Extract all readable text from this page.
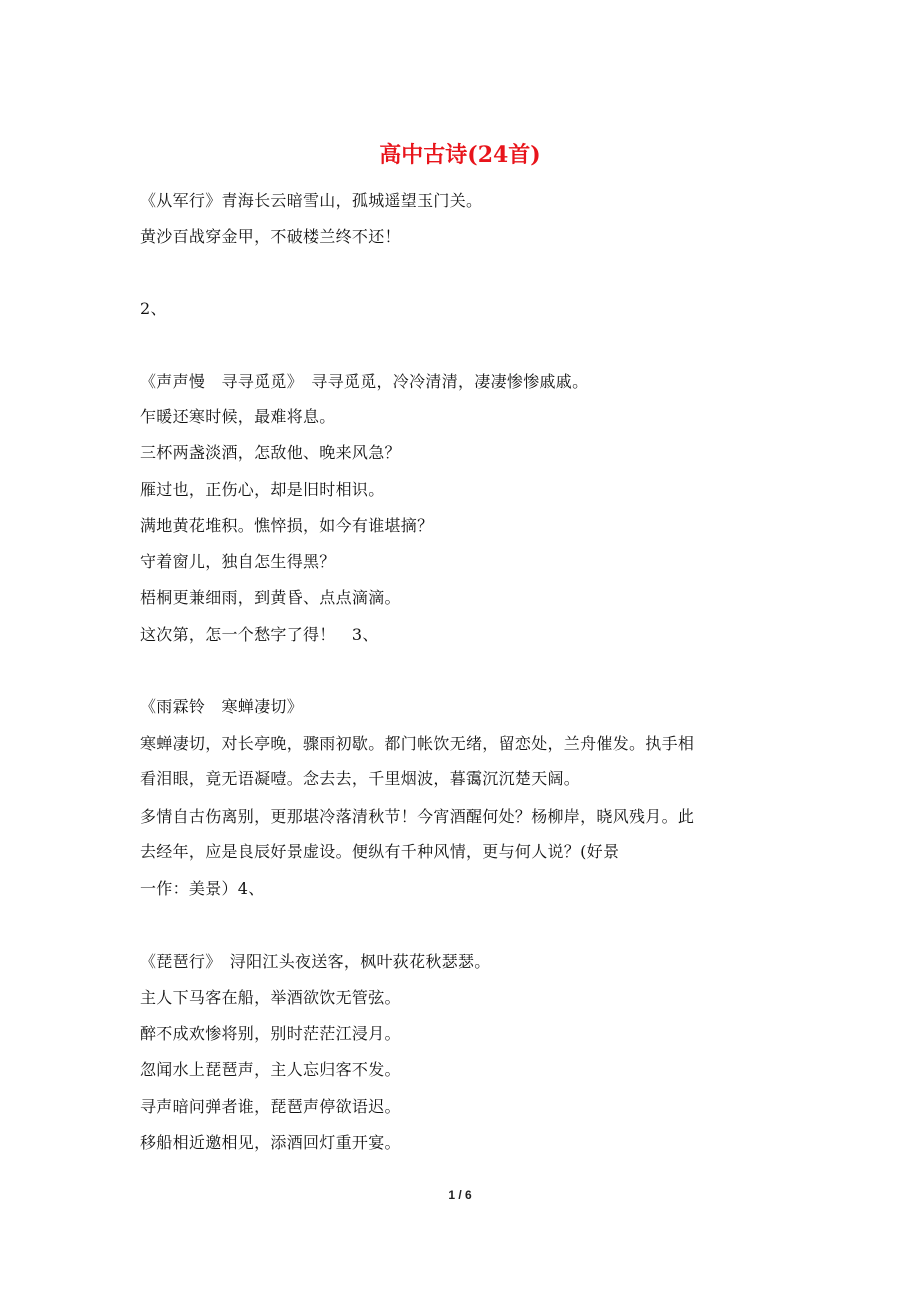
高中古诗(24首)
《从军行》青海长云暗雪山，孤城遥望玉门关。
黄沙百战穿金甲，不破楼兰终不还！
2、
《声声慢　寻寻觅觅》　寻寻觅觅，冷冷清清，凄凄惨惨戚戚。
乍暖还寒时候，最难将息。
三杯两盏淡酒，怎敌他、晚来风急？
雁过也，正伤心，却是旧时相识。
满地黄花堆积。憔悴损，如今有谁堪摘？
守着窗儿，独自怎生得黑？
梧桐更兼细雨，到黄昏、点点滴滴。
这次第，怎一个愁字了得！　3、
《雨霖铃　寒蝉凄切》
寒蝉凄切，对长亭晚，骤雨初歇。都门帐饮无绪，留恋处，兰舟催发。执手相
看泪眼，竟无语凝噎。念去去，千里烟波，暮霭沉沉楚天阔。
多情自古伤离别，更那堪冷落清秋节！今宵酒醒何处？杨柳岸，晓风残月。此
去经年，应是良辰好景虚设。便纵有千种风情，更与何人说？(好景
一作：美景）4、
《琵琶行》　浔阳江头夜送客，枫叶荻花秋瑟瑟。
主人下马客在船，举酒欲饮无管弦。
醉不成欢惨将别，别时茫茫江浸月。
忽闻水上琵琶声，主人忘归客不发。
寻声暗问弹者谁，琵琶声停欲语迟。
移船相近邀相见，添酒回灯重开宴。
1 / 6
